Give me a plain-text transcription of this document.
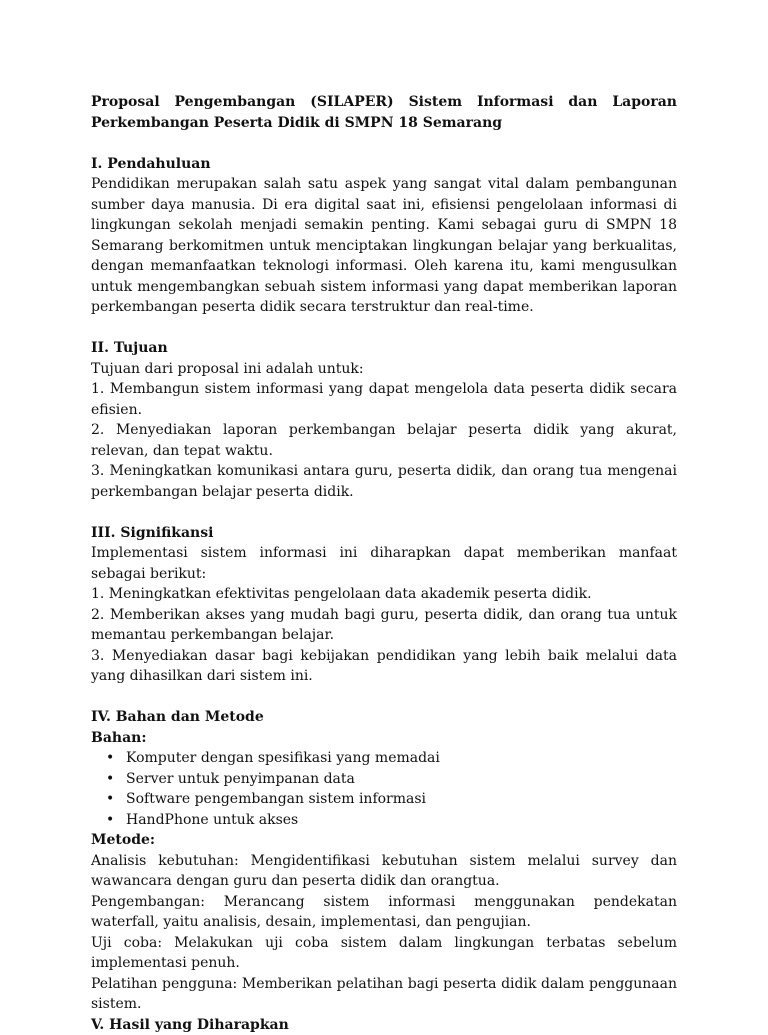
Proposal Pengembangan (SILAPER) Sistem Informasi dan Laporan Perkembangan Peserta Didik di SMPN 18 Semarang

I. Pendahuluan

Pendidikan merupakan salah satu aspek yang sangat vital dalam pembangunan sumber daya manusia. Di era digital saat ini, efisiensi pengelolaan informasi di lingkungan sekolah menjadi semakin penting. Kami sebagai guru di SMPN 18 Semarang berkomitmen untuk menciptakan lingkungan belajar yang berkualitas, dengan memanfaatkan teknologi informasi. Oleh karena itu, kami mengusulkan untuk mengembangkan sebuah sistem informasi yang dapat memberikan laporan perkembangan peserta didik secara terstruktur dan real-time.

II. Tujuan

Tujuan dari proposal ini adalah untuk:

1. Membangun sistem informasi yang dapat mengelola data peserta didik secara efisien.

2. Menyediakan laporan perkembangan belajar peserta didik yang akurat, relevan, dan tepat waktu.

3. Meningkatkan komunikasi antara guru, peserta didik, dan orang tua mengenai perkembangan belajar peserta didik.

III. Signifikansi

Implementasi sistem informasi ini diharapkan dapat memberikan manfaat sebagai berikut:

1. Meningkatkan efektivitas pengelolaan data akademik peserta didik.

2. Memberikan akses yang mudah bagi guru, peserta didik, dan orang tua untuk memantau perkembangan belajar.

3. Menyediakan dasar bagi kebijakan pendidikan yang lebih baik melalui data yang dihasilkan dari sistem ini.

IV. Bahan dan Metode
Bahan:
• Komputer dengan spesifikasi yang memadai
• Server untuk penyimpanan data
• Software pengembangan sistem informasi
• HandPhone untuk akses
Metode:

Analisis kebutuhan: Mengidentifikasi kebutuhan sistem melalui survey dan wawancara dengan guru dan peserta didik dan orangtua.

Pengembangan: Merancang sistem informasi menggunakan pendekatan waterfall, yaitu analisis, desain, implementasi, dan pengujian.

Uji coba: Melakukan uji coba sistem dalam lingkungan terbatas sebelum implementasi penuh.

Pelatihan pengguna: Memberikan pelatihan bagi peserta didik dalam penggunaan sistem.

V. Hasil yang Diharapkan
